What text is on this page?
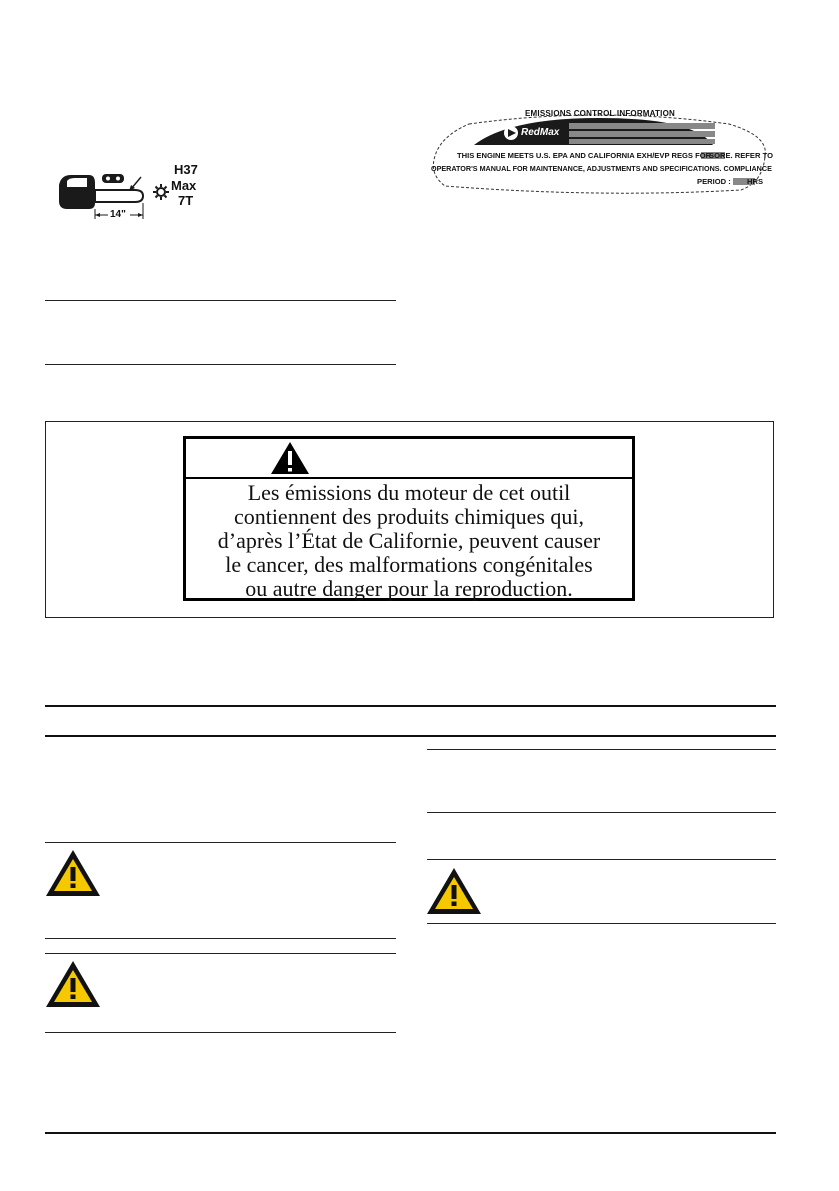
14"
H37
Max
7T
EMISSIONS CONTROL INFORMATION
RedMax
THIS ENGINE MEETS U.S. EPA AND CALIFORNIA EXH/EVP REGS FOR
SORE. REFER TO
OPERATOR'S MANUAL FOR MAINTENANCE, ADJUSTMENTS AND SPECIFICATIONS. COMPLIANCE
PERIOD : HRS
Les émissions du moteur de cet outil
contiennent des produits chimiques qui,
d’après l’État de Californie, peuvent causer
le cancer, des malformations congénitales
ou autre danger pour la reproduction.
